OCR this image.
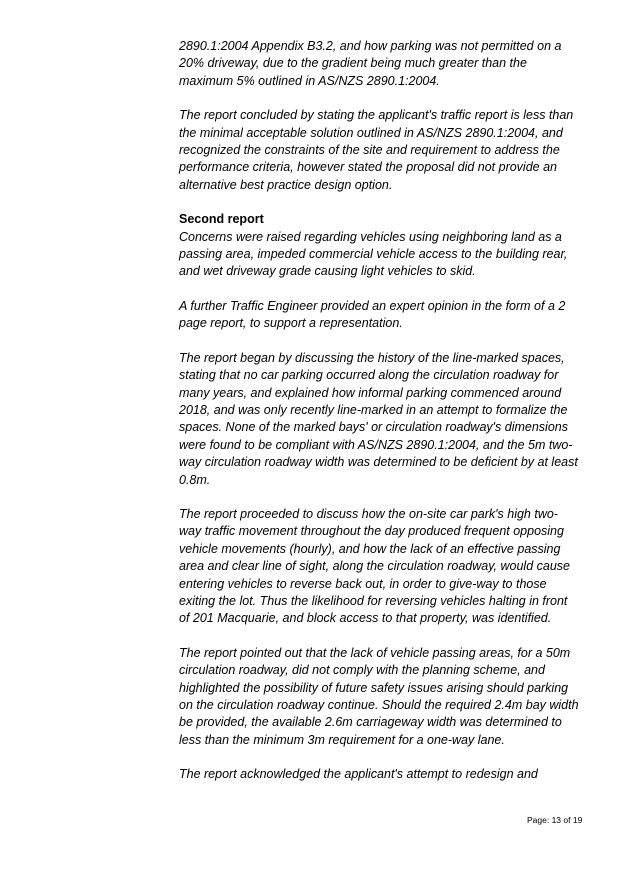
2890.1:2004 Appendix B3.2, and how parking was not permitted on a 20% driveway, due to the gradient being much greater than the maximum 5% outlined in AS/NZS 2890.1:2004.

The report concluded by stating the applicant's traffic report is less than the minimal acceptable solution outlined in AS/NZS 2890.1:2004, and recognized the constraints of the site and requirement to address the performance criteria, however stated the proposal did not provide an alternative best practice design option.

Second report

Concerns were raised regarding vehicles using neighboring land as a passing area, impeded commercial vehicle access to the building rear, and wet driveway grade causing light vehicles to skid.

A further Traffic Engineer provided an expert opinion in the form of a 2 page report, to support a representation.

The report began by discussing the history of the line-marked spaces, stating that no car parking occurred along the circulation roadway for many years, and explained how informal parking commenced around 2018, and was only recently line-marked in an attempt to formalize the spaces. None of the marked bays' or circulation roadway's dimensions were found to be compliant with AS/NZS 2890.1:2004, and the 5m two-way circulation roadway width was determined to be deficient by at least 0.8m.

The report proceeded to discuss how the on-site car park's high two-way traffic movement throughout the day produced frequent opposing vehicle movements (hourly), and how the lack of an effective passing area and clear line of sight, along the circulation roadway, would cause entering vehicles to reverse back out, in order to give-way to those exiting the lot. Thus the likelihood for reversing vehicles halting in front of 201 Macquarie, and block access to that property, was identified.

The report pointed out that the lack of vehicle passing areas, for a 50m circulation roadway, did not comply with the planning scheme, and highlighted the possibility of future safety issues arising should parking on the circulation roadway continue. Should the required 2.4m bay width be provided, the available 2.6m carriageway width was determined to less than the minimum 3m requirement for a one-way lane.

The report acknowledged the applicant's attempt to redesign and

Page: 13 of 19
